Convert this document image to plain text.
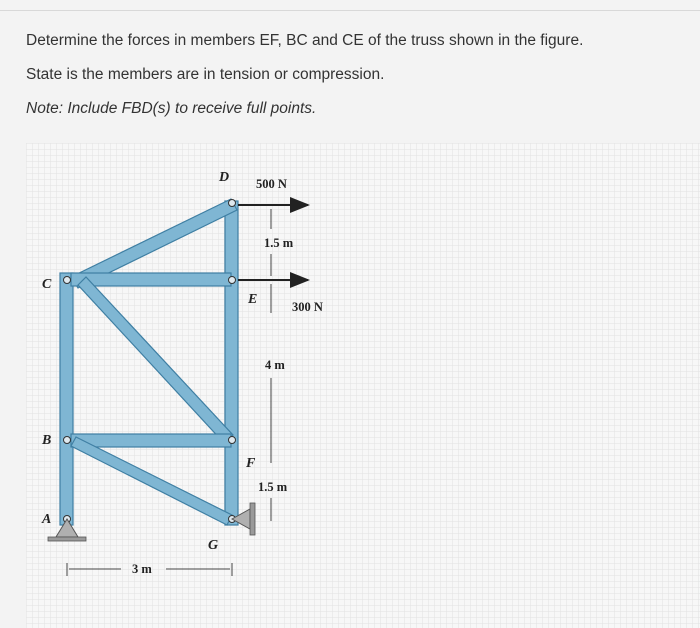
Determine the forces in members EF, BC and CE of the truss shown in the figure.

State is the members are in tension or compression.

Note: Include FBD(s) to receive full points.

D
E
C
B
F
A
G
500 N
300 N
1.5 m
4 m
1.5 m
3 m
